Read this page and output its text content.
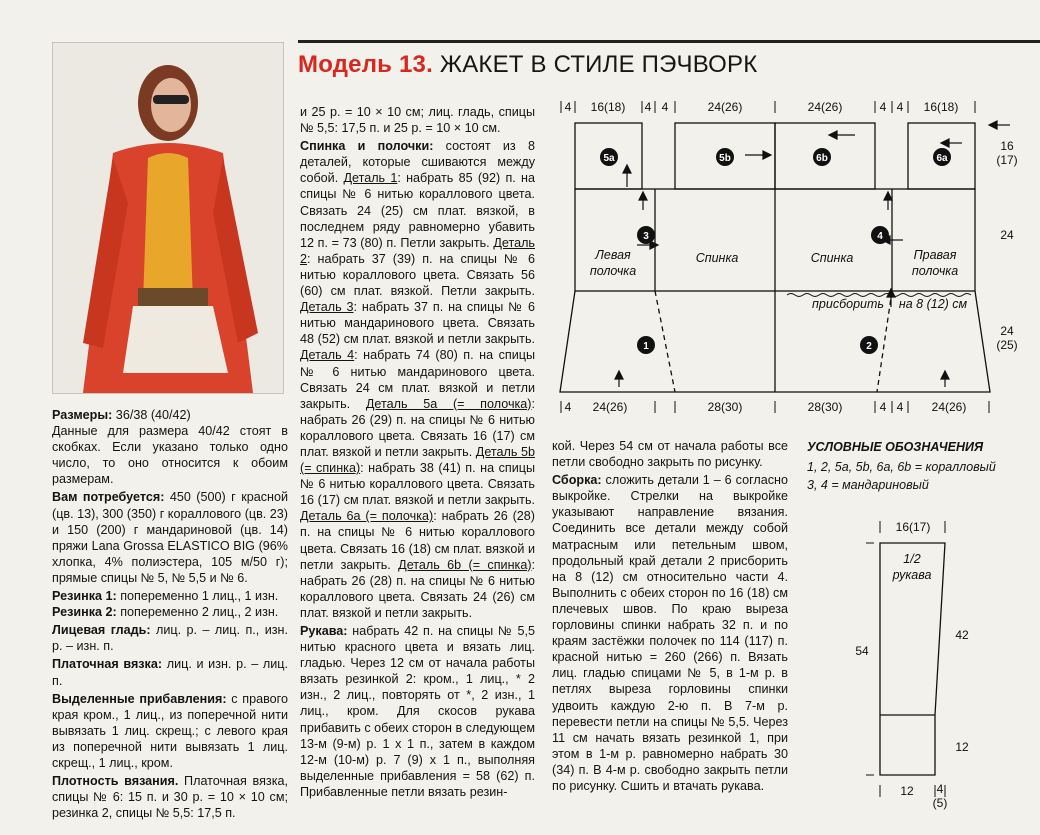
Модель 13. ЖАКЕТ В СТИЛЕ ПЭЧВОРК

Размеры: 36/38 (40/42)
Данные для размера 40/42 стоят в скобках. Если указано только одно число, то оно относится к обоим размерам.

Вам потребуется: 450 (500) г красной (цв. 13), 300 (350) г кораллового (цв. 23) и 150 (200) г мандариновой (цв. 14) пряжи Lana Grossa ELASTICO BIG (96% хлопка, 4% полиэстера, 105 м/50 г); прямые спицы № 5, № 5,5 и № 6.

Резинка 1: попеременно 1 лиц., 1 изн.
Резинка 2: попеременно 2 лиц., 2 изн.

Лицевая гладь: лиц. р. – лиц. п., изн. р. – изн. п.

Платочная вязка: лиц. и изн. р. – лиц. п.

Выделенные прибавления: с правого края кром., 1 лиц., из поперечной нити вывязать 1 лиц. скрещ.; с левого края из поперечной нити вывязать 1 лиц. скрещ., 1 лиц., кром.

Плотность вязания. Платочная вязка, спицы № 6: 15 п. и 30 р. = 10 × 10 см; резинка 2, спицы № 5,5: 17,5 п.

и 25 р. = 10 × 10 см; лиц. гладь, спицы № 5,5: 17,5 п. и 25 р. = 10 × 10 см.

Спинка и полочки: состоят из 8 деталей, которые сшиваются между собой. Деталь 1: набрать 85 (92) п. на спицы № 6 нитью кораллового цвета. Связать 24 (25) см плат. вязкой, в последнем ряду равномерно убавить 12 п. = 73 (80) п. Петли закрыть. Деталь 2: набрать 37 (39) п. на спицы № 6 нитью кораллового цвета. Связать 56 (60) см плат. вязкой. Петли закрыть. Деталь 3: набрать 37 п. на спицы № 6 нитью мандаринового цвета. Связать 48 (52) см плат. вязкой и петли закрыть. Деталь 4: набрать 74 (80) п. на спицы № 6 нитью мандаринового цвета. Связать 24 см плат. вязкой и петли закрыть. Деталь 5a (= полочка): набрать 26 (29) п. на спицы № 6 нитью кораллового цвета. Связать 16 (17) см плат. вязкой и петли закрыть. Деталь 5b (= спинка): набрать 38 (41) п. на спицы № 6 нитью кораллового цвета. Связать 16 (17) см плат. вязкой и петли закрыть. Деталь 6a (= полочка): набрать 26 (28) п. на спицы № 6 нитью кораллового цвета. Связать 16 (18) см плат. вязкой и петли закрыть. Деталь 6b (= спинка): набрать 26 (28) п. на спицы № 6 нитью кораллового цвета. Связать 24 (26) см плат. вязкой и петли закрыть.

Рукава: набрать 42 п. на спицы № 5,5 нитью красного цвета и вязать лиц. гладью. Через 12 см от начала работы вязать резинкой 2: кром., 1 лиц., * 2 изн., 2 лиц., повторять от *, 2 изн., 1 лиц., кром. Для скосов рукава прибавить с обеих сторон в следующем 13-м (9-м) р. 1 х 1 п., затем в каждом 12-м (10-м) р. 7 (9) х 1 п., выполняя выделенные прибавления = 58 (62) п. Прибавленные петли вязать резин-

кой. Через 54 см от начала работы все петли свободно закрыть по рисунку.

Сборка: сложить детали 1 – 6 согласно выкройке. Стрелки на выкройке указывают направление вязания. Соединить все детали между собой матрасным или петельным швом, продольный край детали 2 присборить на 8 (12) см относительно части 4. Выполнить с обеих сторон по 16 (18) см плечевых швов. По краю выреза горловины спинки набрать 32 п. и по краям застёжки полочек по 114 (117) п. красной нитью = 260 (266) п. Вязать лиц. гладью спицами № 5, в 1-м р. в петлях выреза горловины спинки удвоить каждую 2-ю п. В 7-м р. перевести петли на спицы № 5,5. Через 11 см начать вязать резинкой 1, при этом в 1-м р. равномерно набрать 30 (34) п. В 4-м р. свободно закрыть петли по рисунку. Сшить и втачать рукава.

УСЛОВНЫЕ ОБОЗНАЧЕНИЯ
1, 2, 5a, 5b, 6a, 6b = коралловый
3, 4 = мандариновый
4 16(18) 4 4	24(26)	24(26)	4 4 16(18)
16
(17)
24
24
(25)
4 24(26)	28(30)	28(30)	4 4 24(26)
5a	5b	6b	6a
3	4
1	2
Левая
полочка
Спинка	Спинка	Правая
полочка
присборить на 8 (12) см
16(17)
42
54
12
12 4
(5)
1/2
рукава
